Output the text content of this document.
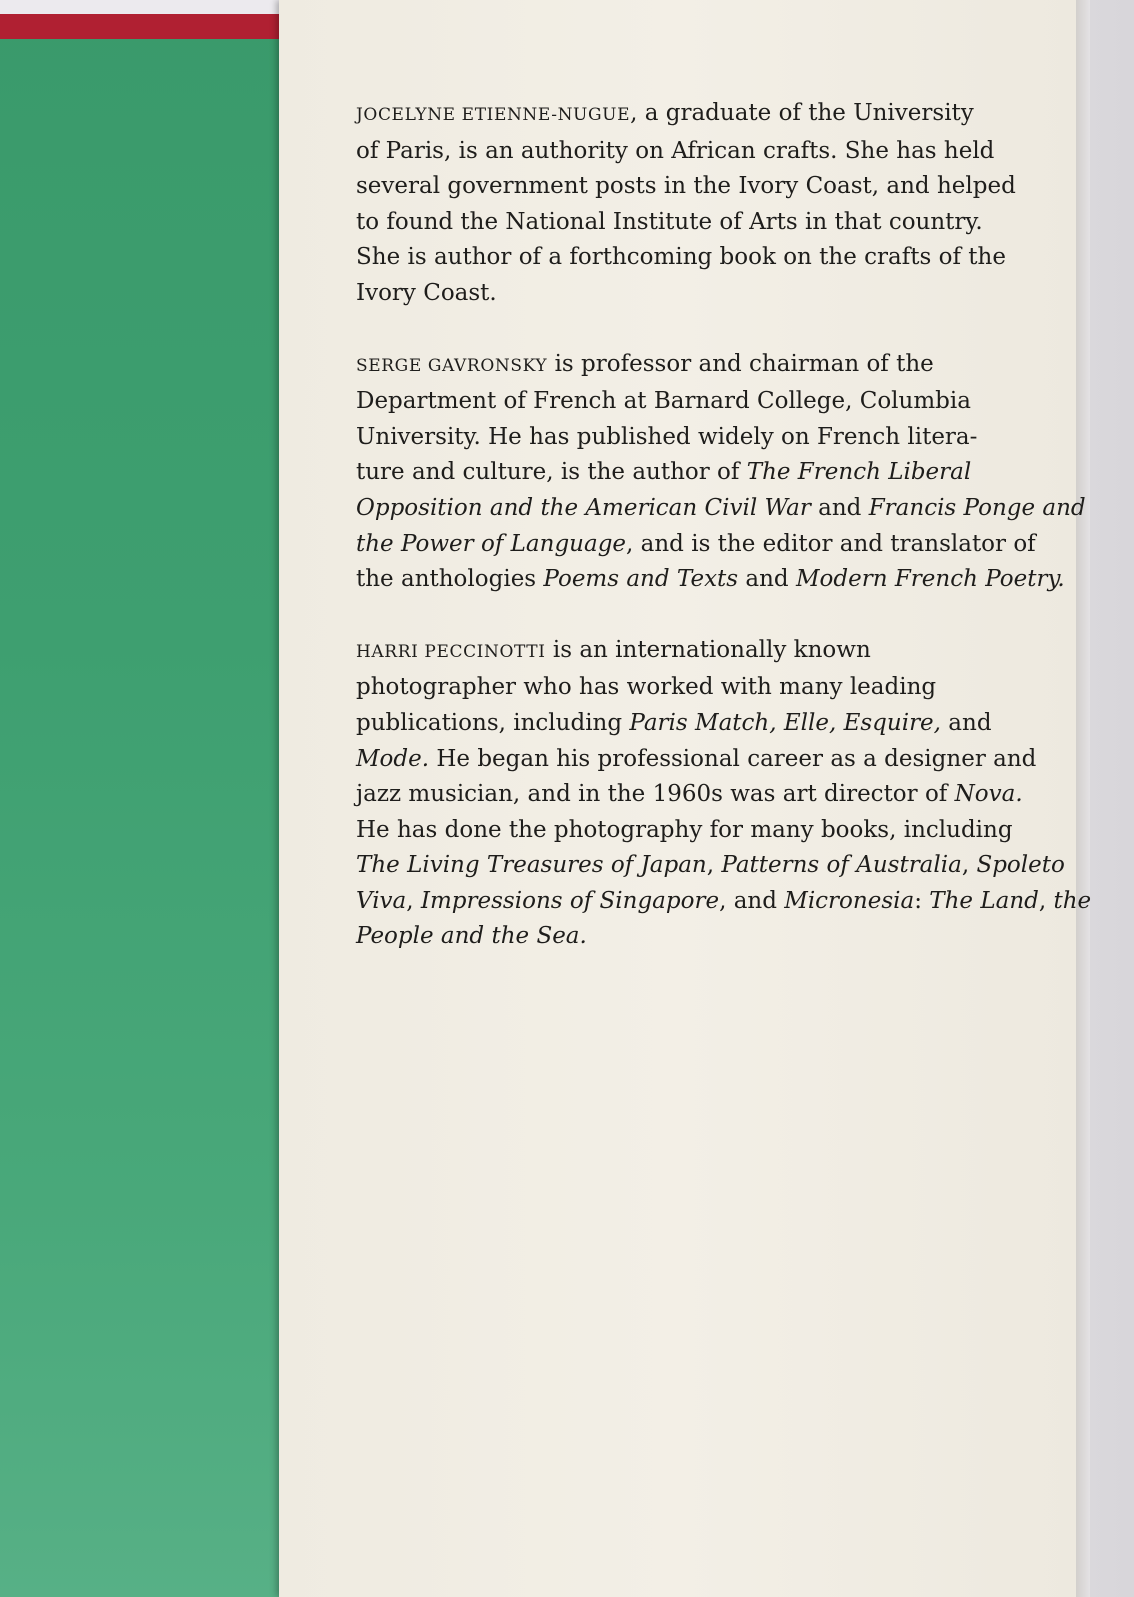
JOCELYNE ETIENNE-NUGUE, a graduate of the University
of Paris, is an authority on African crafts. She has held
several government posts in the Ivory Coast, and helped
to found the National Institute of Arts in that country.
She is author of a forthcoming book on the crafts of the
Ivory Coast.

SERGE GAVRONSKY is professor and chairman of the
Department of French at Barnard College, Columbia
University. He has published widely on French litera-
ture and culture, is the author of The French Liberal
Opposition and the American Civil War and Francis Ponge and
the Power of Language, and is the editor and translator of
the anthologies Poems and Texts and Modern French Poetry.

HARRI PECCINOTTI is an internationally known
photographer who has worked with many leading
publications, including Paris Match, Elle, Esquire, and
Mode. He began his professional career as a designer and
jazz musician, and in the 1960s was art director of Nova.
He has done the photography for many books, including
The Living Treasures of Japan, Patterns of Australia, Spoleto
Viva, Impressions of Singapore, and Micronesia: The Land, the
People and the Sea.
